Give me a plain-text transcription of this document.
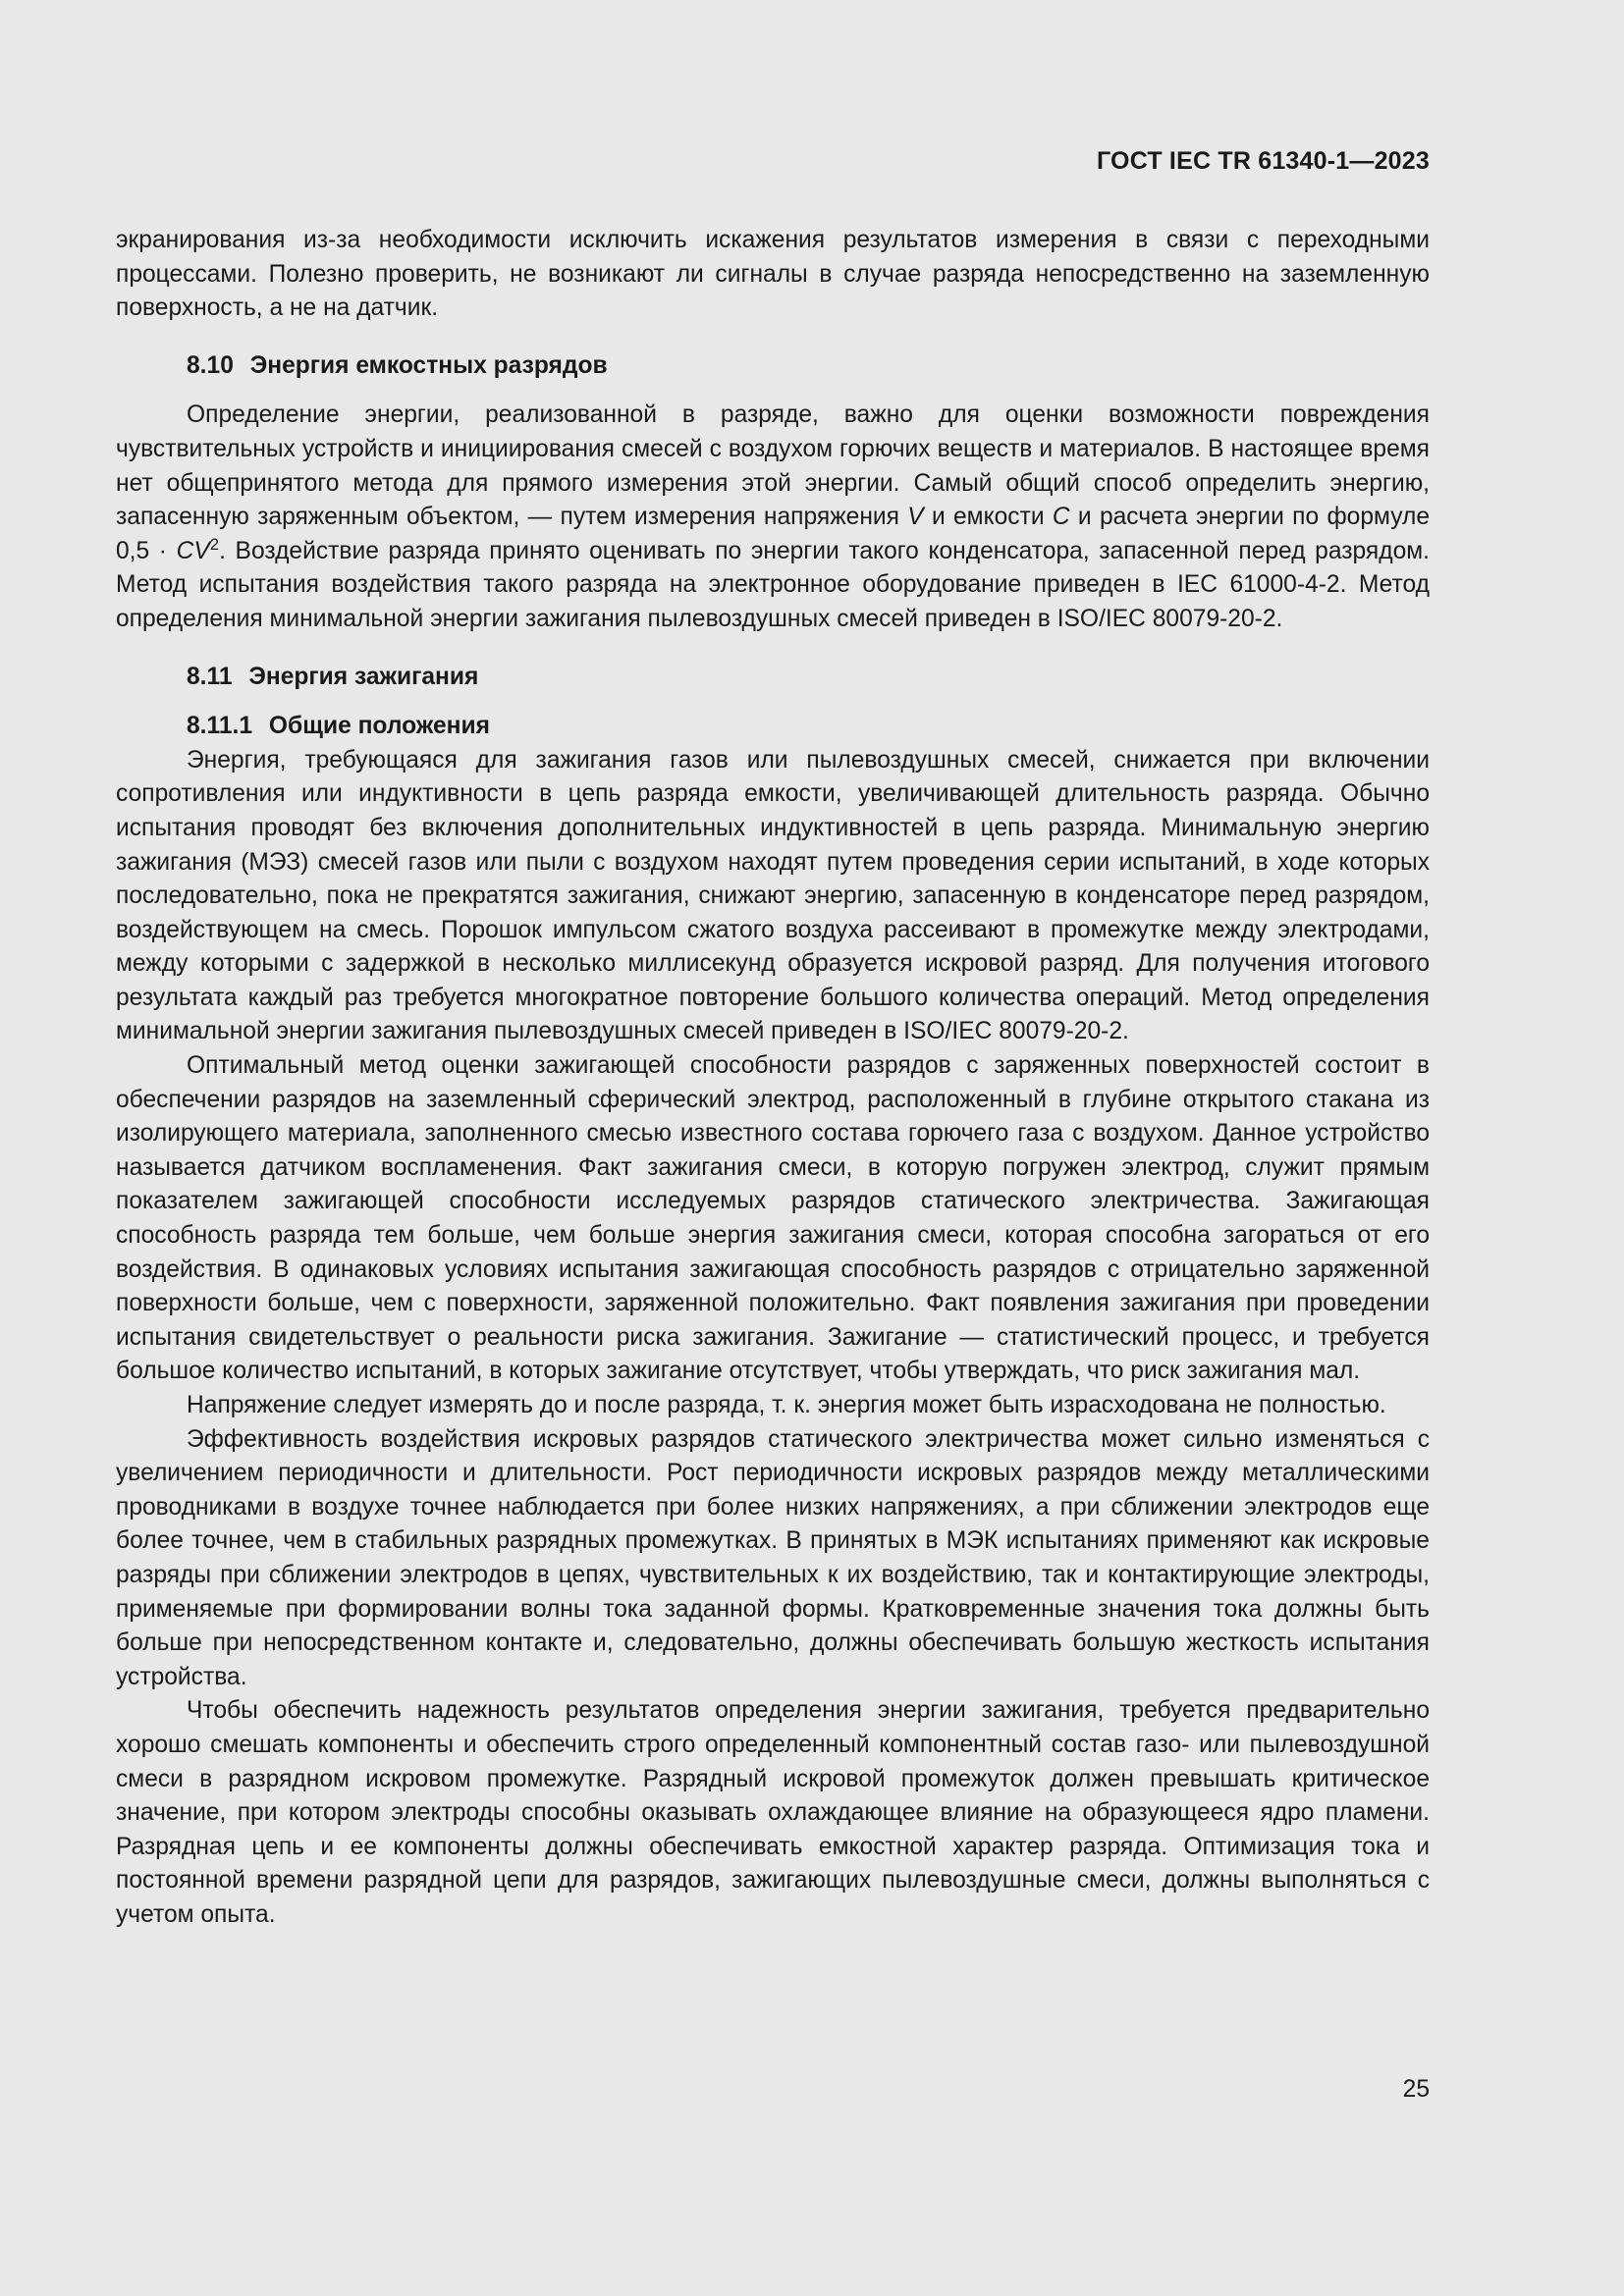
ГОСТ IEC TR 61340-1—2023

экранирования из-за необходимости исключить искажения результатов измерения в связи с переходными процессами. Полезно проверить, не возникают ли сигналы в случае разряда непосредственно на заземленную поверхность, а не на датчик.

8.10 Энергия емкостных разрядов

Определение энергии, реализованной в разряде, важно для оценки возможности повреждения чувствительных устройств и инициирования смесей с воздухом горючих веществ и материалов. В настоящее время нет общепринятого метода для прямого измерения этой энергии. Самый общий способ определить энергию, запасенную заряженным объектом, — путем измерения напряжения V и емкости C и расчета энергии по формуле $0,5 \cdot CV^2$. Воздействие разряда принято оценивать по энергии такого конденсатора, запасенной перед разрядом. Метод испытания воздействия такого разряда на электронное оборудование приведен в IEC 61000-4-2. Метод определения минимальной энергии зажигания пылевоздушных смесей приведен в ISO/IEC 80079-20-2.

8.11 Энергия зажигания

8.11.1 Общие положения

Энергия, требующаяся для зажигания газов или пылевоздушных смесей, снижается при включении сопротивления или индуктивности в цепь разряда емкости, увеличивающей длительность разряда. Обычно испытания проводят без включения дополнительных индуктивностей в цепь разряда. Минимальную энергию зажигания (МЭЗ) смесей газов или пыли с воздухом находят путем проведения серии испытаний, в ходе которых последовательно, пока не прекратятся зажигания, снижают энергию, запасенную в конденсаторе перед разрядом, воздействующем на смесь. Порошок импульсом сжатого воздуха рассеивают в промежутке между электродами, между которыми с задержкой в несколько миллисекунд образуется искровой разряд. Для получения итогового результата каждый раз требуется многократное повторение большого количества операций. Метод определения минимальной энергии зажигания пылевоздушных смесей приведен в ISO/IEC 80079-20-2.

Оптимальный метод оценки зажигающей способности разрядов с заряженных поверхностей состоит в обеспечении разрядов на заземленный сферический электрод, расположенный в глубине открытого стакана из изолирующего материала, заполненного смесью известного состава горючего газа с воздухом. Данное устройство называется датчиком воспламенения. Факт зажигания смеси, в которую погружен электрод, служит прямым показателем зажигающей способности исследуемых разрядов статического электричества. Зажигающая способность разряда тем больше, чем больше энергия зажигания смеси, которая способна загораться от его воздействия. В одинаковых условиях испытания зажигающая способность разрядов с отрицательно заряженной поверхности больше, чем с поверхности, заряженной положительно. Факт появления зажигания при проведении испытания свидетельствует о реальности риска зажигания. Зажигание — статистический процесс, и требуется большое количество испытаний, в которых зажигание отсутствует, чтобы утверждать, что риск зажигания мал.

Напряжение следует измерять до и после разряда, т. к. энергия может быть израсходована не полностью.

Эффективность воздействия искровых разрядов статического электричества может сильно изменяться с увеличением периодичности и длительности. Рост периодичности искровых разрядов между металлическими проводниками в воздухе точнее наблюдается при более низких напряжениях, а при сближении электродов еще более точнее, чем в стабильных разрядных промежутках. В принятых в МЭК испытаниях применяют как искровые разряды при сближении электродов в цепях, чувствительных к их воздействию, так и контактирующие электроды, применяемые при формировании волны тока заданной формы. Кратковременные значения тока должны быть больше при непосредственном контакте и, следовательно, должны обеспечивать большую жесткость испытания устройства.

Чтобы обеспечить надежность результатов определения энергии зажигания, требуется предварительно хорошо смешать компоненты и обеспечить строго определенный компонентный состав газо- или пылевоздушной смеси в разрядном искровом промежутке. Разрядный искровой промежуток должен превышать критическое значение, при котором электроды способны оказывать охлаждающее влияние на образующееся ядро пламени. Разрядная цепь и ее компоненты должны обеспечивать емкостной характер разряда. Оптимизация тока и постоянной времени разрядной цепи для разрядов, зажигающих пылевоздушные смеси, должны выполняться с учетом опыта.

25
